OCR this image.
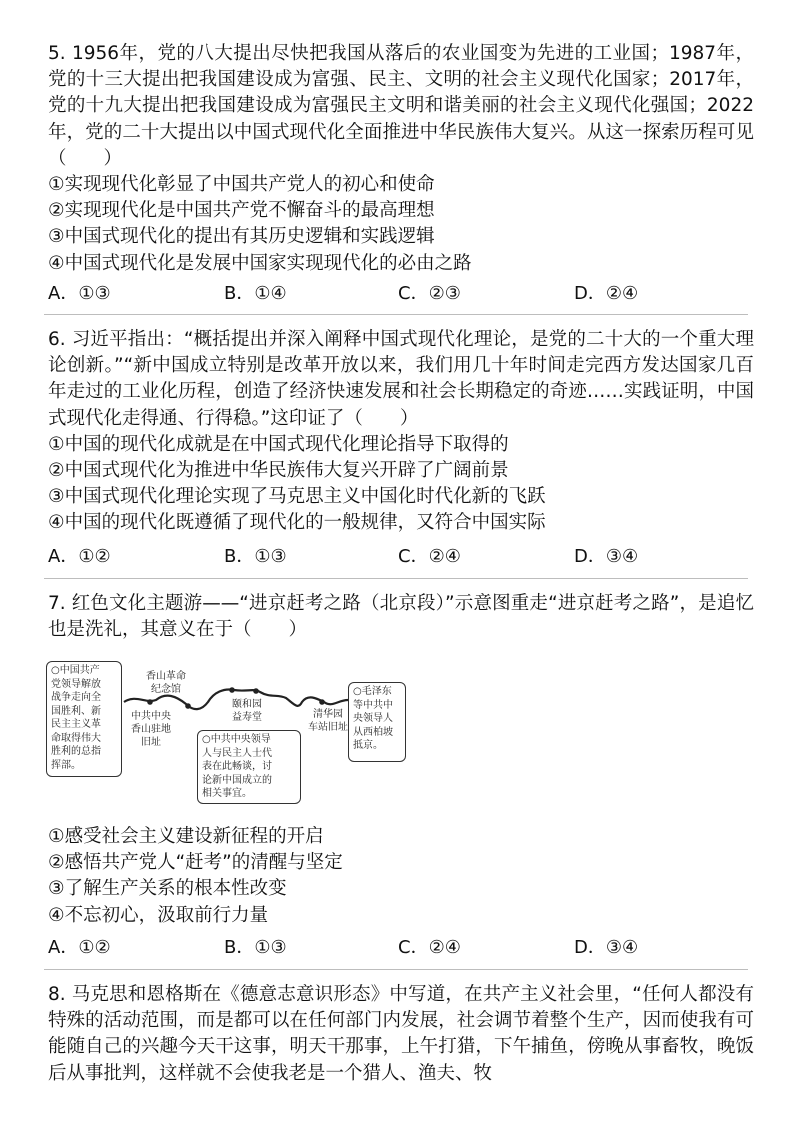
5. 1956年，党的八大提出尽快把我国从落后的农业国变为先进的工业国；1987年，党的十三大提出把我国建设成为富强、民主、文明的社会主义现代化国家；2017年，党的十九大提出把我国建设成为富强民主文明和谐美丽的社会主义现代化强国；2022年，党的二十大提出以中国式现代化全面推进中华民族伟大复兴。从这一探索历程可见（　　）

①实现现代化彰显了中国共产党人的初心和使命

②实现现代化是中国共产党不懈奋斗的最高理想

③中国式现代化的提出有其历史逻辑和实践逻辑

④中国式现代化是发展中国家实现现代化的必由之路

A．①③	B．①④	C．②③	D．②④

6. 习近平指出：“概括提出并深入阐释中国式现代化理论，是党的二十大的一个重大理论创新。”“新中国成立特别是改革开放以来，我们用几十年时间走完西方发达国家几百年走过的工业化历程，创造了经济快速发展和社会长期稳定的奇迹……实践证明，中国式现代化走得通、行得稳。”这印证了（　　）

①中国的现代化成就是在中国式现代化理论指导下取得的

②中国式现代化为推进中华民族伟大复兴开辟了广阔前景

③中国式现代化理论实现了马克思主义中国化时代化新的飞跃

④中国的现代化既遵循了现代化的一般规律，又符合中国实际

A．①②	B．①③	C．②④	D．③④

7. 红色文化主题游——“进京赶考之路（北京段）”示意图重走“进京赶考之路”，是追忆也是洗礼，其意义在于（　　）

○中国共产
党领导解放
战争走向全
国胜利、新
民主主义革
命取得伟大
胜利的总指
挥部。
香山革命
纪念馆
中共中央
香山驻地
旧址
颐和园
益寿堂	清华园
车站旧址
○中共中央领导
人与民主人士代
表在此畅谈，讨
论新中国成立的
相关事宜。
○毛泽东
等中共中
央领导人
从西柏坡
抵京。

①感受社会主义建设新征程的开启

②感悟共产党人“赶考”的清醒与坚定

③了解生产关系的根本性改变

④不忘初心，汲取前行力量

A．①②	B．①③	C．②④	D．③④

8. 马克思和恩格斯在《德意志意识形态》中写道，在共产主义社会里，“任何人都没有特殊的活动范围，而是都可以在任何部门内发展，社会调节着整个生产，因而使我有可能随自己的兴趣今天干这事，明天干那事，上午打猎，下午捕鱼，傍晚从事畜牧，晚饭后从事批判，这样就不会使我老是一个猎人、渔夫、牧
